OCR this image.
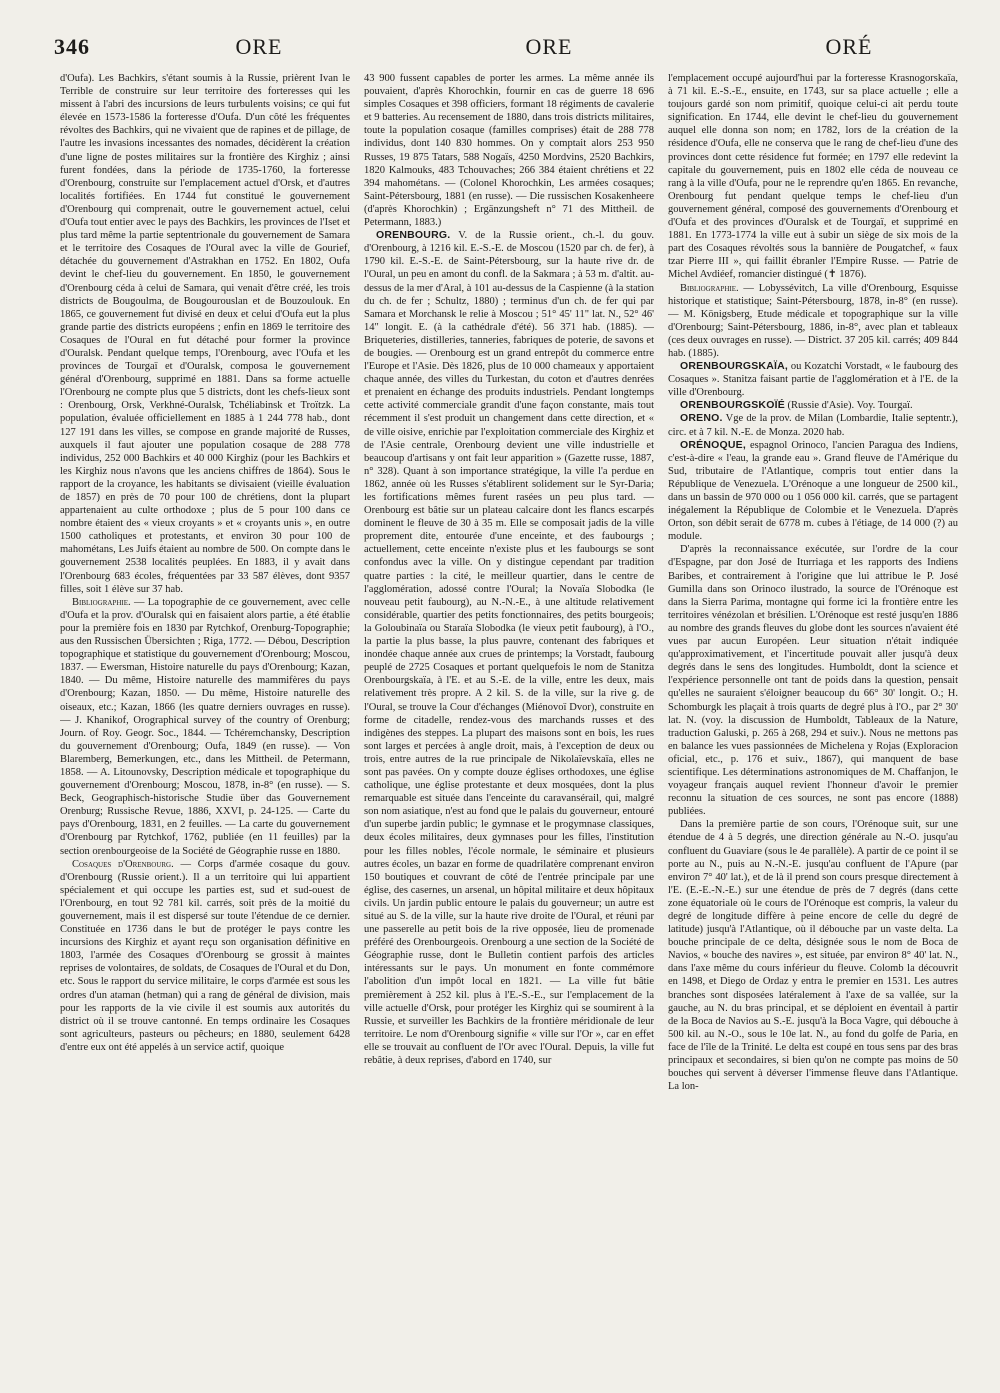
346	ORE	ORE	ORÉ

d'Oufa). Les Bachkirs, s'étant soumis à la Russie, prièrent Ivan le Terrible de construire sur leur territoire des forteresses qui les missent à l'abri des incursions de leurs turbulents voisins; ce qui fut élevée en 1573-1586 la forteresse d'Oufa. D'un côté les fréquentes révoltes des Bachkirs, qui ne vivaient que de rapines et de pillage, de l'autre les invasions incessantes des nomades, décidèrent la création d'une ligne de postes militaires sur la frontière des Kirghiz ; ainsi furent fondées, dans la période de 1735-1760, la forteresse d'Orenbourg, construite sur l'emplacement actuel d'Orsk, et d'autres localités fortifiées. En 1744 fut constitué le gouvernement d'Orenbourg qui comprenait, outre le gouvernement actuel, celui d'Oufa tout entier avec le pays des Bachkirs, les provinces de l'Iset et plus tard même la partie septentrionale du gouvernement de Samara et le territoire des Cosaques de l'Oural avec la ville de Gourief, détachée du gouvernement d'Astrakhan en 1752. En 1802, Oufa devint le chef-lieu du gouvernement. En 1850, le gouvernement d'Orenbourg céda à celui de Samara, qui venait d'être créé, les trois districts de Bougoulma, de Bougourouslan et de Bouzoulouk. En 1865, ce gouvernement fut divisé en deux et celui d'Oufa eut la plus grande partie des districts européens ; enfin en 1869 le territoire des Cosaques de l'Oural en fut détaché pour former la province d'Ouralsk. Pendant quelque temps, l'Orenbourg, avec l'Oufa et les provinces de Tourgaï et d'Ouralsk, composa le gouvernement général d'Orenbourg, supprimé en 1881. Dans sa forme actuelle l'Orenbourg ne compte plus que 5 districts, dont les chefs-lieux sont : Orenbourg, Orsk, Verkhné-Ouralsk, Tchéliabinsk et Troïtzk. La population, évaluée officiellement en 1885 à 1 244 778 hab., dont 127 191 dans les villes, se compose en grande majorité de Russes, auxquels il faut ajouter une population cosaque de 288 778 individus, 252 000 Bachkirs et 40 000 Kirghiz (pour les Bachkirs et les Kirghiz nous n'avons que les anciens chiffres de 1864). Sous le rapport de la croyance, les habitants se divisaient (vieille évaluation de 1857) en près de 70 pour 100 de chrétiens, dont la plupart appartenaient au culte orthodoxe ; plus de 5 pour 100 dans ce nombre étaient des « vieux croyants » et « croyants unis », en outre 1500 catholiques et protestants, et environ 30 pour 100 de mahométans, Les Juifs étaient au nombre de 500. On compte dans le gouvernement 2538 localités peuplées. En 1883, il y avait dans l'Orenbourg 683 écoles, fréquentées par 33 587 élèves, dont 9357 filles, soit 1 élève sur 37 hab.

Bibliographie. — La topographie de ce gouvernement, avec celle d'Oufa et la prov. d'Ouralsk qui en faisaient alors partie, a été établie pour la première fois en 1830 par Rytchkof, Orenburg-Topographie; aus den Russischen Übersichten ; Riga, 1772. — Débou, Description topographique et statistique du gouvernement d'Orenbourg; Moscou, 1837. — Ewersman, Histoire naturelle du pays d'Orenbourg; Kazan, 1840. — Du même, Histoire naturelle des mammifères du pays d'Orenbourg; Kazan, 1850. — Du même, Histoire naturelle des oiseaux, etc.; Kazan, 1866 (les quatre derniers ouvrages en russe). — J. Khanikof, Orographical survey of the country of Orenburg; Journ. of Roy. Geogr. Soc., 1844. — Tchéremchansky, Description du gouvernement d'Orenbourg; Oufa, 1849 (en russe). — Von Blaremberg, Bemerkungen, etc., dans les Mittheil. de Petermann, 1858. — A. Litounovsky, Description médicale et topographique du gouvernement d'Orenbourg; Moscou, 1878, in-8° (en russe). — S. Beck, Geographisch-historische Studie über das Gouvernement Orenburg; Russische Revue, 1886, XXVI, p. 24-125. — Carte du pays d'Orenbourg, 1831, en 2 feuilles. — La carte du gouvernement d'Orenbourg par Rytchkof, 1762, publiée (en 11 feuilles) par la section orenbourgeoise de la Société de Géographie russe en 1880.

Cosaques d'Orenbourg. — Corps d'armée cosaque du gouv. d'Orenbourg (Russie orient.). Il a un territoire qui lui appartient spécialement et qui occupe les parties est, sud et sud-ouest de l'Orenbourg, en tout 92 781 kil. carrés, soit près de la moitié du gouvernement, mais il est dispersé sur toute l'étendue de ce dernier. Constituée en 1736 dans le but de protéger le pays contre les incursions des Kirghiz et ayant reçu son organisation définitive en 1803, l'armée des Cosaques d'Orenbourg se grossit à maintes reprises de volontaires, de soldats, de Cosaques de l'Oural et du Don, etc. Sous le rapport du service militaire, le corps d'armée est sous les ordres d'un ataman (hetman) qui a rang de général de division, mais pour les rapports de la vie civile il est soumis aux autorités du district où il se trouve cantonné. En temps ordinaire les Cosaques sont agriculteurs, pasteurs ou pêcheurs; en 1880, seulement 6428 d'entre eux ont été appelés à un service actif, quoique

43 900 fussent capables de porter les armes. La même année ils pouvaient, d'après Khorochkin, fournir en cas de guerre 18 696 simples Cosaques et 398 officiers, formant 18 régiments de cavalerie et 9 batteries. Au recensement de 1880, dans trois districts militaires, toute la population cosaque (familles comprises) était de 288 778 individus, dont 140 830 hommes. On y comptait alors 253 950 Russes, 19 875 Tatars, 588 Nogaïs, 4250 Mordvins, 2520 Bachkirs, 1820 Kalmouks, 483 Tchouvaches; 266 384 étaient chrétiens et 22 394 mahométans. — (Colonel Khorochkin, Les armées cosaques; Saint-Pétersbourg, 1881 (en russe). — Die russischen Kosakenheere (d'après Khorochkin) ; Ergänzungsheft n° 71 des Mittheil. de Petermann, 1883.)

ORENBOURG. V. de la Russie orient., ch.-l. du gouv. d'Orenbourg, à 1216 kil. E.-S.-E. de Moscou (1520 par ch. de fer), à 1790 kil. E.-S.-E. de Saint-Pétersbourg, sur la haute rive dr. de l'Oural, un peu en amont du confl. de la Sakmara ; à 53 m. d'altit. au-dessus de la mer d'Aral, à 101 au-dessus de la Caspienne (à la station du ch. de fer ; Schultz, 1880) ; terminus d'un ch. de fer qui par Samara et Morchansk le relie à Moscou ; 51° 45' 11" lat. N., 52° 46' 14" longit. E. (à la cathédrale d'été). 56 371 hab. (1885). — Briqueteries, distilleries, tanneries, fabriques de poterie, de savons et de bougies. — Orenbourg est un grand entrepôt du commerce entre l'Europe et l'Asie. Dès 1826, plus de 10 000 chameaux y apportaient chaque année, des villes du Turkestan, du coton et d'autres denrées et prenaient en échange des produits industriels. Pendant longtemps cette activité commerciale grandit d'une façon constante, mais tout récemment il s'est produit un changement dans cette direction, et « de ville oisive, enrichie par l'exploitation commerciale des Kirghiz et de l'Asie centrale, Orenbourg devient une ville industrielle et beaucoup d'artisans y ont fait leur apparition » (Gazette russe, 1887, n° 328). Quant à son importance stratégique, la ville l'a perdue en 1862, année où les Russes s'établirent solidement sur le Syr-Daria; les fortifications mêmes furent rasées un peu plus tard. — Orenbourg est bâtie sur un plateau calcaire dont les flancs escarpés dominent le fleuve de 30 à 35 m. Elle se composait jadis de la ville proprement dite, entourée d'une enceinte, et des faubourgs ; actuellement, cette enceinte n'existe plus et les faubourgs se sont confondus avec la ville. On y distingue cependant par tradition quatre parties : la cité, le meilleur quartier, dans le centre de l'agglomération, adossé contre l'Oural; la Novaïa Slobodka (le nouveau petit faubourg), au N.-N.-E., à une altitude relativement considérable, quartier des petits fonctionnaires, des petits bourgeois; la Goloubinaïa ou Staraïa Slobodka (le vieux petit faubourg), à l'O., la partie la plus basse, la plus pauvre, contenant des fabriques et inondée chaque année aux crues de printemps; la Vorstadt, faubourg peuplé de 2725 Cosaques et portant quelquefois le nom de Stanitza Orenbourgskaïa, à l'E. et au S.-E. de la ville, entre les deux, mais relativement très propre. A 2 kil. S. de la ville, sur la rive g. de l'Oural, se trouve la Cour d'échanges (Miénovoï Dvor), construite en forme de citadelle, rendez-vous des marchands russes et des indigènes des steppes. La plupart des maisons sont en bois, les rues sont larges et percées à angle droit, mais, à l'exception de deux ou trois, entre autres de la rue principale de Nikolaïevskaïa, elles ne sont pas pavées. On y compte douze églises orthodoxes, une église catholique, une église protestante et deux mosquées, dont la plus remarquable est située dans l'enceinte du caravansérail, qui, malgré son nom asiatique, n'est au fond que le palais du gouverneur, entouré d'un superbe jardin public; le gymnase et le progymnase classiques, deux écoles militaires, deux gymnases pour les filles, l'institution pour les filles nobles, l'école normale, le séminaire et plusieurs autres écoles, un bazar en forme de quadrilatère comprenant environ 150 boutiques et couvrant de côté de l'entrée principale par une église, des casernes, un arsenal, un hôpital militaire et deux hôpitaux civils. Un jardin public entoure le palais du gouverneur; un autre est situé au S. de la ville, sur la haute rive droite de l'Oural, et réuni par une passerelle au petit bois de la rive opposée, lieu de promenade préféré des Orenbourgeois. Orenbourg a une section de la Société de Géographie russe, dont le Bulletin contient parfois des articles intéressants sur le pays. Un monument en fonte commémore l'abolition d'un impôt local en 1821. — La ville fut bâtie premièrement à 252 kil. plus à l'E.-S.-E., sur l'emplacement de la ville actuelle d'Orsk, pour protéger les Kirghiz qui se soumirent à la Russie, et surveiller les Bachkirs de la frontière méridionale de leur territoire. Le nom d'Orenbourg signifie « ville sur l'Or », car en effet elle se trouvait au confluent de l'Or avec l'Oural. Depuis, la ville fut rebâtie, à deux reprises, d'abord en 1740, sur

l'emplacement occupé aujourd'hui par la forteresse Krasnogorskaïa, à 71 kil. E.-S.-E., ensuite, en 1743, sur sa place actuelle ; elle a toujours gardé son nom primitif, quoique celui-ci ait perdu toute signification. En 1744, elle devint le chef-lieu du gouvernement auquel elle donna son nom; en 1782, lors de la création de la résidence d'Oufa, elle ne conserva que le rang de chef-lieu d'une des provinces dont cette résidence fut formée; en 1797 elle redevint la capitale du gouvernement, puis en 1802 elle céda de nouveau ce rang à la ville d'Oufa, pour ne le reprendre qu'en 1865. En revanche, Orenbourg fut pendant quelque temps le chef-lieu d'un gouvernement général, composé des gouvernements d'Orenbourg et d'Oufa et des provinces d'Ouralsk et de Tourgaï, et supprimé en 1881. En 1773-1774 la ville eut à subir un siège de six mois de la part des Cosaques révoltés sous la bannière de Pougatchef, « faux tzar Pierre III », qui faillit ébranler l'Empire Russe. — Patrie de Michel Avdiéef, romancier distingué (✝ 1876).

Bibliographie. — Lobyssévitch, La ville d'Orenbourg, Esquisse historique et statistique; Saint-Pétersbourg, 1878, in-8° (en russe). — M. Königsberg, Etude médicale et topographique sur la ville d'Orenbourg; Saint-Pétersbourg, 1886, in-8°, avec plan et tableaux (ces deux ouvrages en russe). — District. 37 205 kil. carrés; 409 844 hab. (1885).

ORENBOURGSKAÏA, ou Kozatchi Vorstadt, « le faubourg des Cosaques ». Stanitza faisant partie de l'agglomération et à l'E. de la ville d'Orenbourg.

ORENBOURGSKOÏÉ (Russie d'Asie). Voy. Tourgaï.

ORENO. Vge de la prov. de Milan (Lombardie, Italie septentr.), circ. et à 7 kil. N.-E. de Monza. 2020 hab.

ORÉNOQUE, espagnol Orinoco, l'ancien Paragua des Indiens, c'est-à-dire « l'eau, la grande eau ». Grand fleuve de l'Amérique du Sud, tributaire de l'Atlantique, compris tout entier dans la République de Venezuela. L'Orénoque a une longueur de 2500 kil., dans un bassin de 970 000 ou 1 056 000 kil. carrés, que se partagent inégalement la République de Colombie et le Venezuela. D'après Orton, son débit serait de 6778 m. cubes à l'étiage, de 14 000 (?) au module.

D'après la reconnaissance exécutée, sur l'ordre de la cour d'Espagne, par don José de Iturriaga et les rapports des Indiens Baribes, et contrairement à l'origine que lui attribue le P. José Gumilla dans son Orinoco ilustrado, la source de l'Orénoque est dans la Sierra Parima, montagne qui forme ici la frontière entre les territoires vénézolan et brésilien. L'Orénoque est resté jusqu'en 1886 au nombre des grands fleuves du globe dont les sources n'avaient été vues par aucun Européen. Leur situation n'était indiquée qu'approximativement, et l'incertitude pouvait aller jusqu'à deux degrés dans le sens des longitudes. Humboldt, dont la science et l'expérience personnelle ont tant de poids dans la question, pensait qu'elles ne sauraient s'éloigner beaucoup du 66° 30' longit. O.; H. Schomburgk les plaçait à trois quarts de degré plus à l'O., par 2° 30' lat. N. (voy. la discussion de Humboldt, Tableaux de la Nature, traduction Galuski, p. 265 à 268, 294 et suiv.). Nous ne mettons pas en balance les vues passionnées de Michelena y Rojas (Exploracion oficial, etc., p. 176 et suiv., 1867), qui manquent de base scientifique. Les déterminations astronomiques de M. Chaffanjon, le voyageur français auquel revient l'honneur d'avoir le premier reconnu la situation de ces sources, ne sont pas encore (1888) publiées.

Dans la première partie de son cours, l'Orénoque suit, sur une étendue de 4 à 5 degrés, une direction générale au N.-O. jusqu'au confluent du Guaviare (sous le 4e parallèle). A partir de ce point il se porte au N., puis au N.-N.-E. jusqu'au confluent de l'Apure (par environ 7° 40' lat.), et de là il prend son cours presque directement à l'E. (E.-E.-N.-E.) sur une étendue de près de 7 degrés (dans cette zone équatoriale où le cours de l'Orénoque est compris, la valeur du degré de longitude diffère à peine encore de celle du degré de latitude) jusqu'à l'Atlantique, où il débouche par un vaste delta. La bouche principale de ce delta, désignée sous le nom de Boca de Navios, « bouche des navires », est située, par environ 8° 40' lat. N., dans l'axe même du cours inférieur du fleuve. Colomb la découvrit en 1498, et Diego de Ordaz y entra le premier en 1531. Les autres branches sont disposées latéralement à l'axe de sa vallée, sur la gauche, au N. du bras principal, et se déploient en éventail à partir de la Boca de Navios au S.-E. jusqu'à la Boca Vagre, qui débouche à 500 kil. au N.-O., sous le 10e lat. N., au fond du golfe de Paria, en face de l'île de la Trinité. Le delta est coupé en tous sens par des bras principaux et secondaires, si bien qu'on ne compte pas moins de 50 bouches qui servent à déverser l'immense fleuve dans l'Atlantique. La lon-
